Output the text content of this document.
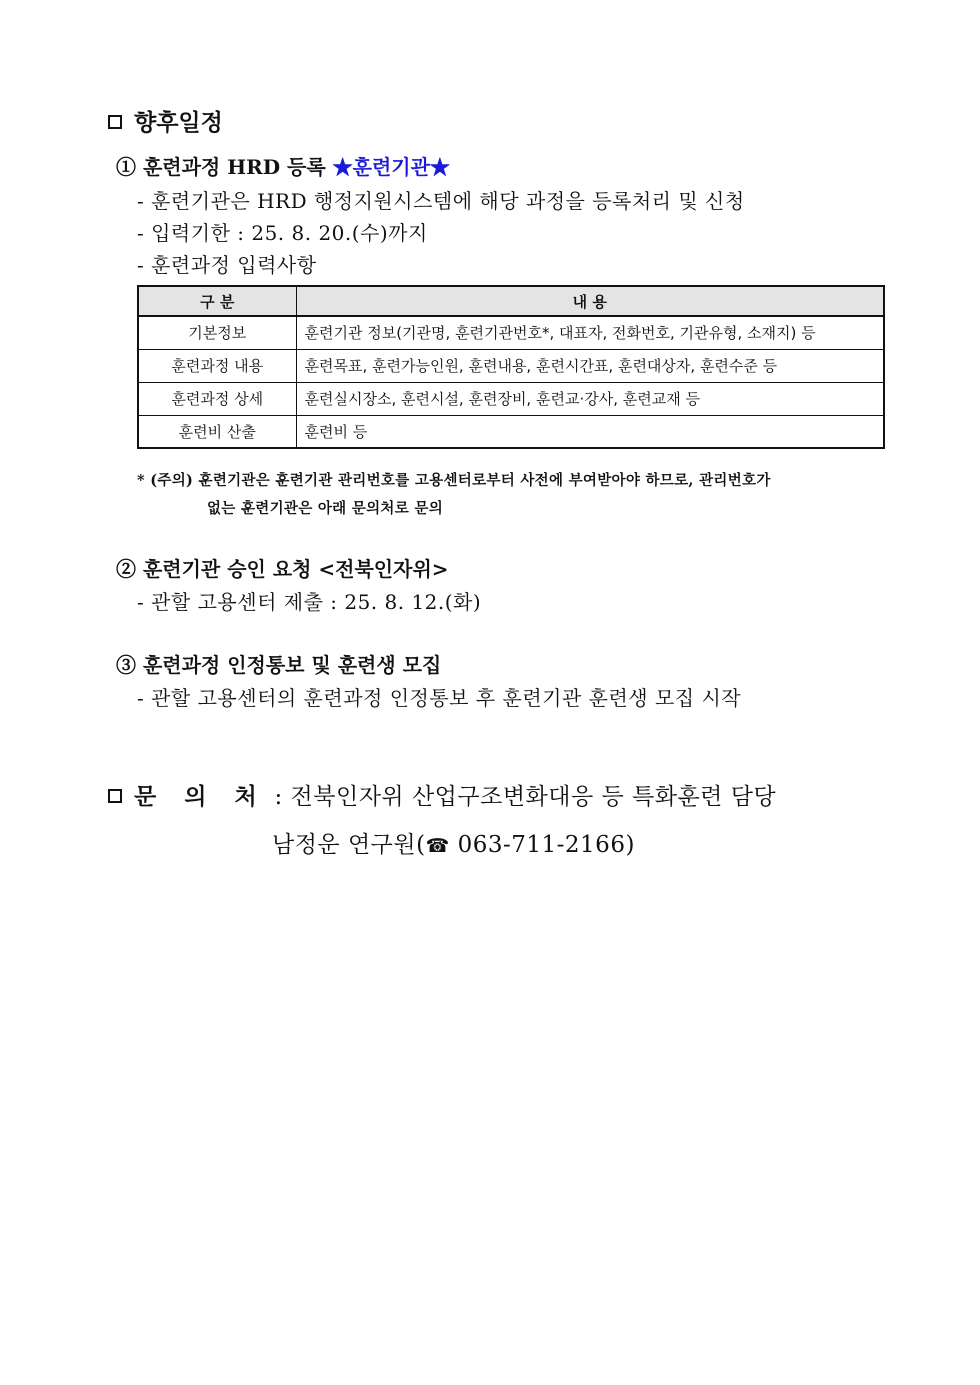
향후일정
① 훈련과정 HRD 등록 ★훈련기관★
- 훈련기관은 HRD 행정지원시스템에 해당 과정을 등록처리 및 신청
- 입력기한 : 25. 8. 20.(수)까지
- 훈련과정 입력사항
구 분	내 용
기본정보	훈련기관 정보(기관명, 훈련기관번호*, 대표자, 전화번호, 기관유형, 소재지) 등
훈련과정 내용	훈련목표, 훈련가능인원, 훈련내용, 훈련시간표, 훈련대상자, 훈련수준 등
훈련과정 상세	훈련실시장소, 훈련시설, 훈련장비, 훈련교·강사, 훈련교재 등
훈련비 산출	훈련비 등
* (주의) 훈련기관은 훈련기관 관리번호를 고용센터로부터 사전에 부여받아야 하므로, 관리번호가
없는 훈련기관은 아래 문의처로 문의
② 훈련기관 승인 요청 <전북인자위>
- 관할 고용센터 제출 : 25. 8. 12.(화)
③ 훈련과정 인정통보 및 훈련생 모집
- 관할 고용센터의 훈련과정 인정통보 후 훈련기관 훈련생 모집 시작
문 의 처 : 전북인자위 산업구조변화대응 등 특화훈련 담당
남정운 연구원(☎ 063-711-2166)
